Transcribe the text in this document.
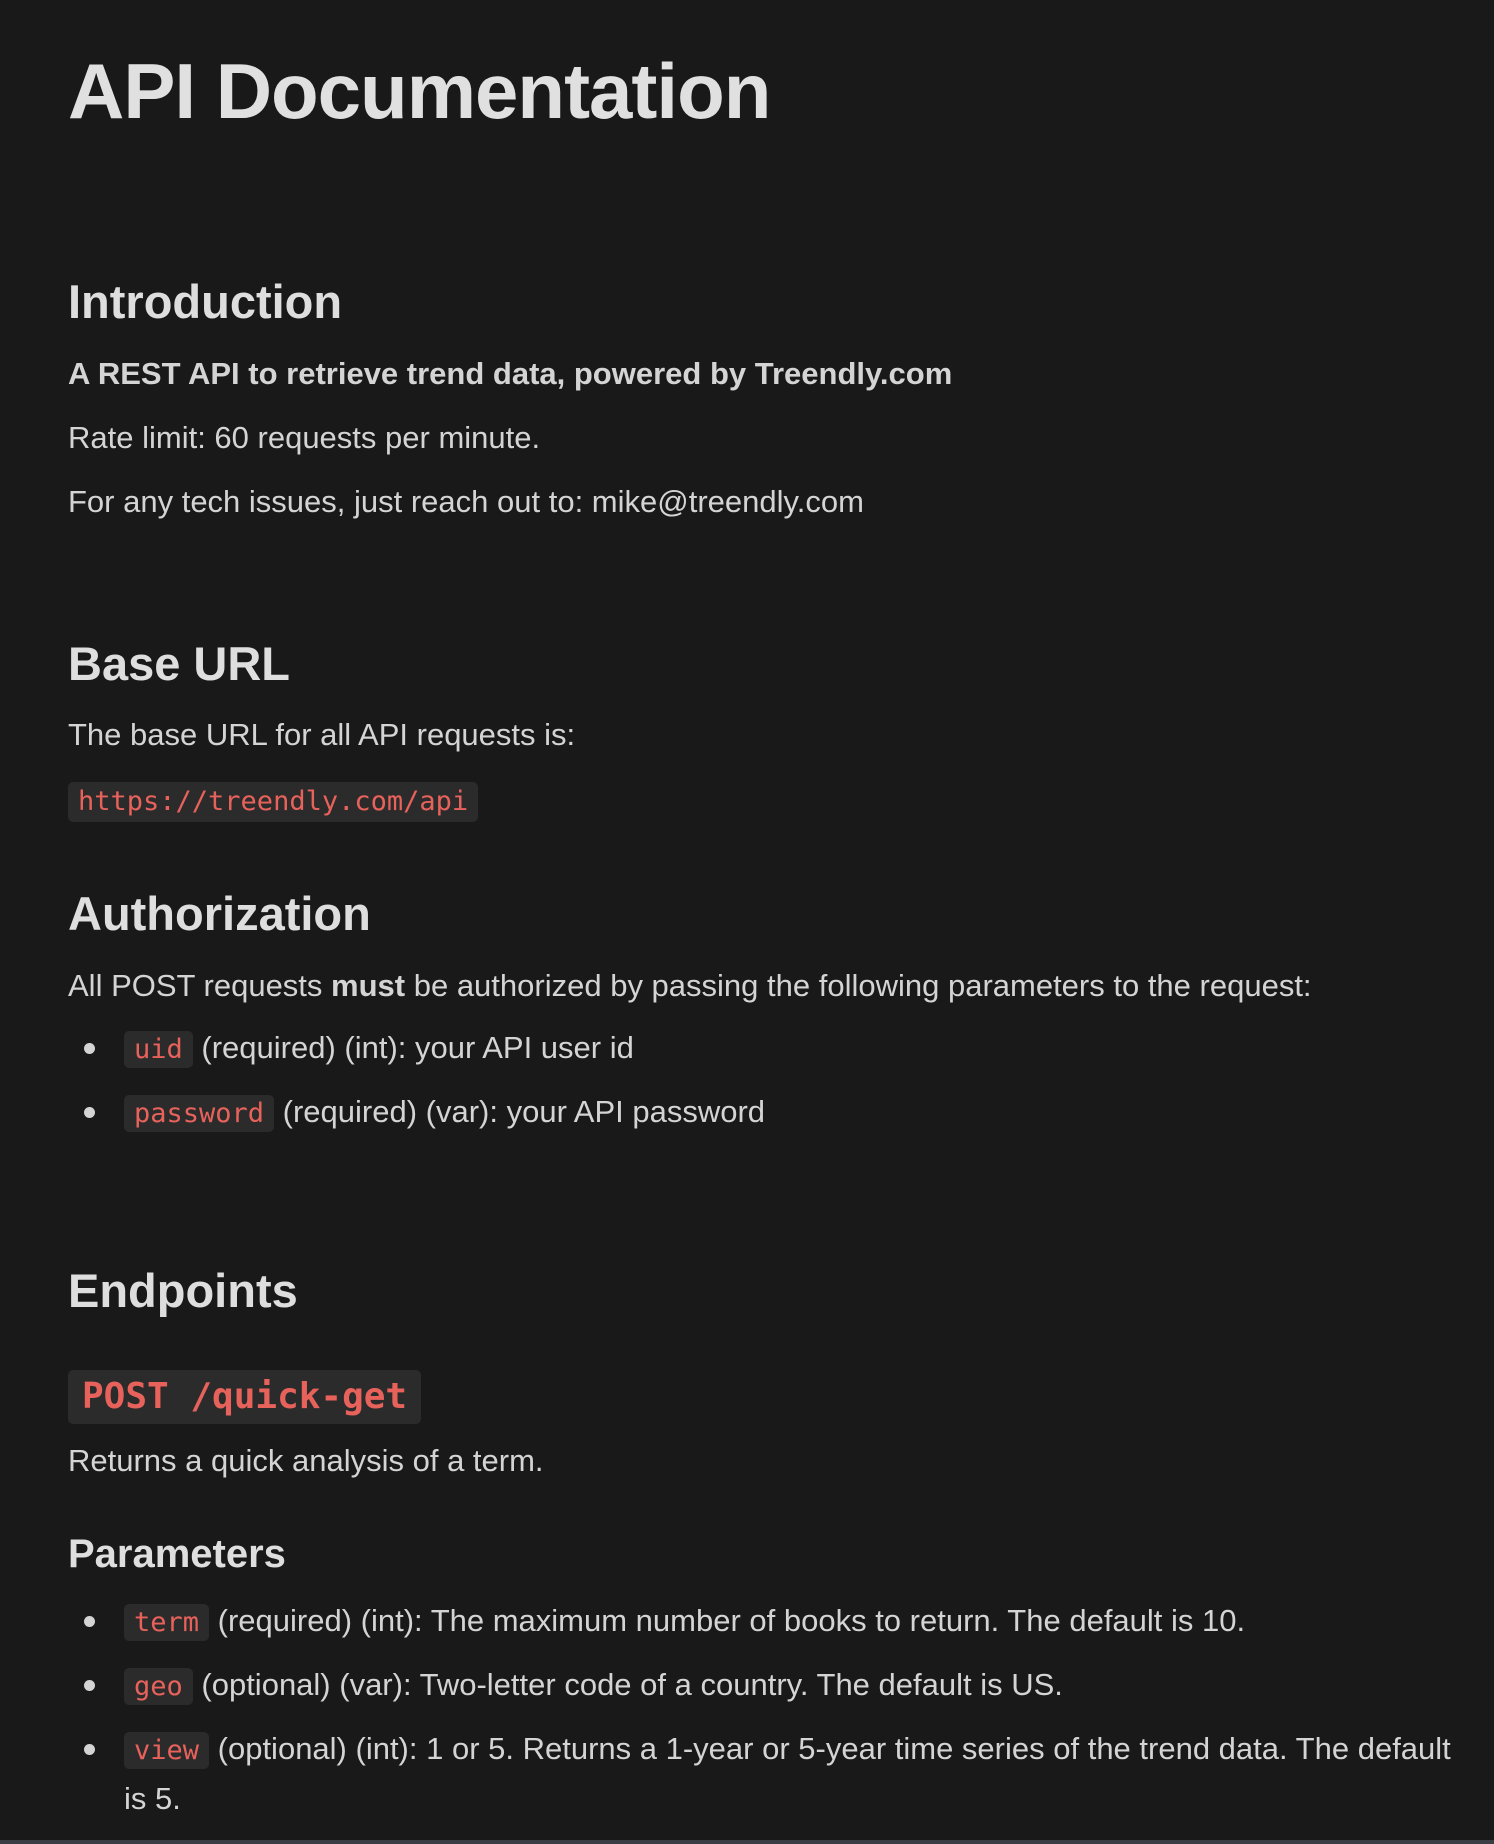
API Documentation
Introduction

A REST API to retrieve trend data, powered by Treendly.com

Rate limit: 60 requests per minute.

For any tech issues, just reach out to: mike@treendly.com

Base URL

The base URL for all API requests is:

https://treendly.com/api
Authorization

All POST requests must be authorized by passing the following parameters to the request:

uid (required) (int): your API user id
password (required) (var): your API password
Endpoints
POST /quick-get

Returns a quick analysis of a term.

Parameters
term (required) (int): The maximum number of books to return. The default is 10.
geo (optional) (var): Two-letter code of a country. The default is US.
view (optional) (int): 1 or 5. Returns a 1-year or 5-year time series of the trend data. The default is 5.
